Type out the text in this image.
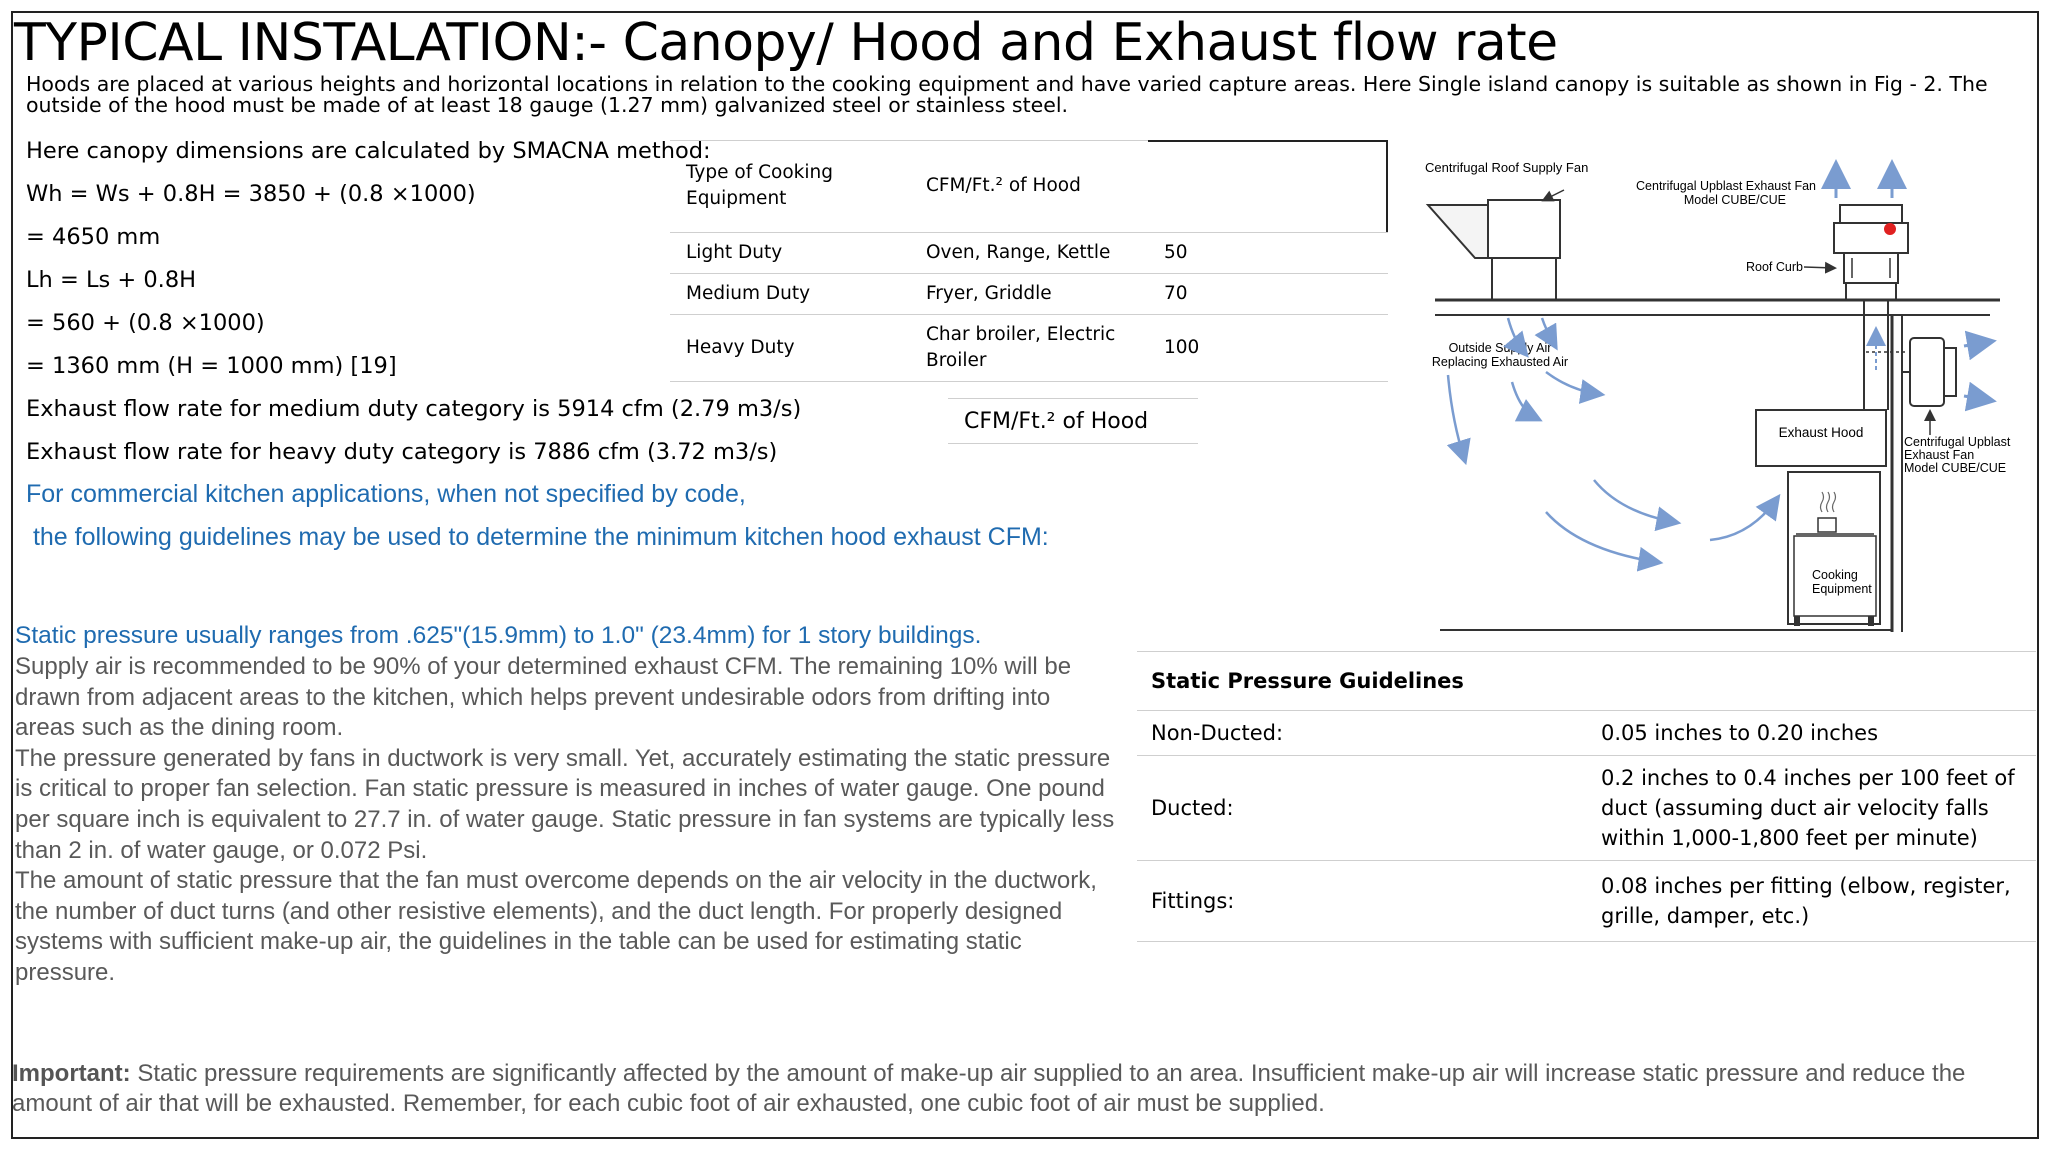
TYPICAL INSTALATION:- Canopy/ Hood and Exhaust flow rate
Hoods are placed at various heights and horizontal locations in relation to the cooking equipment and have varied capture areas. Here Single island canopy is suitable as shown in Fig - 2. The outside of the hood must be made of at least 18 gauge (1.27 mm) galvanized steel or stainless steel.
Here canopy dimensions are calculated by SMACNA method:
Wh = Ws + 0.8H = 3850 + (0.8 ×1000)
= 4650 mm
Lh = Ls + 0.8H
= 560 + (0.8 ×1000)
= 1360 mm (H = 1000 mm) [19]
Exhaust flow rate for medium duty category is 5914 cfm (2.79 m3/s)
Exhaust flow rate for heavy duty category is 7886 cfm (3.72 m3/s)
For commercial kitchen applications, when not specified by code,
the following guidelines may be used to determine the minimum kitchen hood exhaust CFM:
Type of Cooking Equipment	CFM/Ft.² of Hood	
Light Duty	Oven, Range, Kettle	50
Medium Duty	Fryer, Griddle	70
Heavy Duty	Char broiler, Electric Broiler	100
CFM/Ft.² of Hood
Centrifugal Roof Supply Fan
Centrifugal Upblast Exhaust Fan
Model CUBE/CUE
Roof Curb
Exhaust Hood
Centrifugal Upblast
Exhaust Fan
Model CUBE/CUE
Cooking
Equipment
Outside Supply Air
Replacing Exhausted Air
Static pressure usually ranges from .625"(15.9mm) to 1.0" (23.4mm) for 1 story buildings.

Supply air is recommended to be 90% of your determined exhaust CFM. The remaining 10% will be drawn from adjacent areas to the kitchen, which helps prevent undesirable odors from drifting into areas such as the dining room.

The pressure generated by fans in ductwork is very small. Yet, accurately estimating the static pressure is critical to proper fan selection. Fan static pressure is measured in inches of water gauge. One pound per square inch is equivalent to 27.7 in. of water gauge. Static pressure in fan systems are typically less than 2 in. of water gauge, or 0.072 Psi.

The amount of static pressure that the fan must overcome depends on the air velocity in the ductwork, the number of duct turns (and other resistive elements), and the duct length. For properly designed systems with sufficient make-up air, the guidelines in the table can be used for estimating static pressure.

Static Pressure Guidelines	
Non-Ducted:	0.05 inches to 0.20 inches
Ducted:	0.2 inches to 0.4 inches per 100 feet of duct (assuming duct air velocity falls within 1,000-1,800 feet per minute)
Fittings:	0.08 inches per fitting (elbow, register, grille, damper, etc.)
Important: Static pressure requirements are significantly affected by the amount of make-up air supplied to an area. Insufficient make-up air will increase static pressure and reduce the amount of air that will be exhausted. Remember, for each cubic foot of air exhausted, one cubic foot of air must be supplied.
